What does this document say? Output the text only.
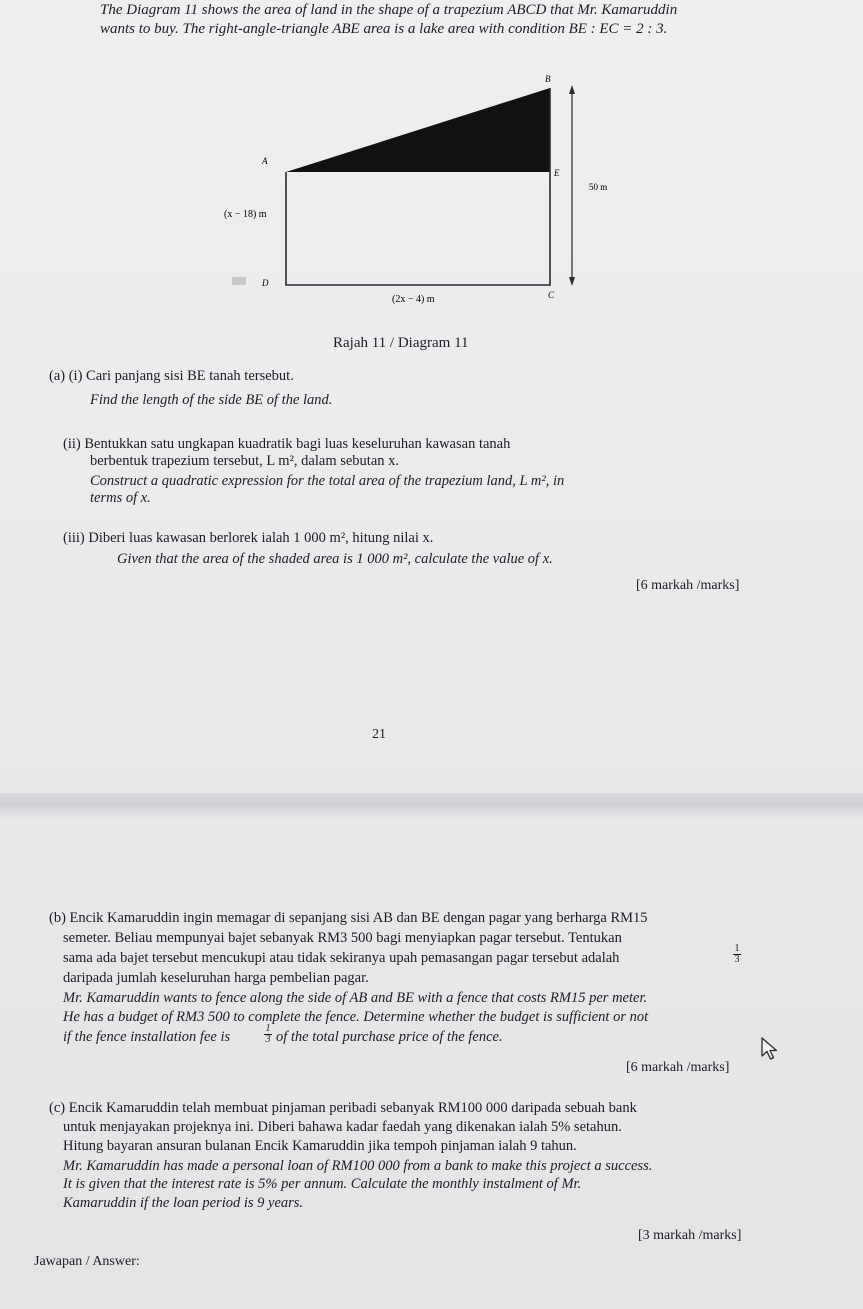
The Diagram 11 shows the area of land in the shape of a trapezium ABCD that Mr. Kamaruddin
wants to buy. The right-angle-triangle ABE area is a lake area with condition BE : EC = 2 : 3.
A
B
E
D
C
(x − 18) m
(2x − 4) m
50 m
Rajah 11 / Diagram 11
(a) (i) Cari panjang sisi BE tanah tersebut.
Find the length of the side BE of the land.
(ii) Bentukkan satu ungkapan kuadratik bagi luas keseluruhan kawasan tanah
berbentuk trapezium tersebut, L m², dalam sebutan x.
Construct a quadratic expression for the total area of the trapezium land, L m², in
terms of x.
(iii) Diberi luas kawasan berlorek ialah 1 000 m², hitung nilai x.
Given that the area of the shaded area is 1 000 m², calculate the value of x.
[6 markah /marks]
21
(b) Encik Kamaruddin ingin memagar di sepanjang sisi AB dan BE dengan pagar yang berharga RM15
semeter. Beliau mempunyai bajet sebanyak RM3 500 bagi menyiapkan pagar tersebut. Tentukan
sama ada bajet tersebut mencukupi atau tidak sekiranya upah pemasangan pagar tersebut adalah
1
3
daripada jumlah keseluruhan harga pembelian pagar.
Mr. Kamaruddin wants to fence along the side of AB and BE with a fence that costs RM15 per meter.
He has a budget of RM3 500 to complete the fence. Determine whether the budget is sufficient or not
if the fence installation fee is
1
3 of the total purchase price of the fence.
[6 markah /marks]
(c) Encik Kamaruddin telah membuat pinjaman peribadi sebanyak RM100 000 daripada sebuah bank
untuk menjayakan projeknya ini. Diberi bahawa kadar faedah yang dikenakan ialah 5% setahun.
Hitung bayaran ansuran bulanan Encik Kamaruddin jika tempoh pinjaman ialah 9 tahun.
Mr. Kamaruddin has made a personal loan of RM100 000 from a bank to make this project a success.
It is given that the interest rate is 5% per annum. Calculate the monthly instalment of Mr.
Kamaruddin if the loan period is 9 years.
[3 markah /marks]
Jawapan / Answer:
